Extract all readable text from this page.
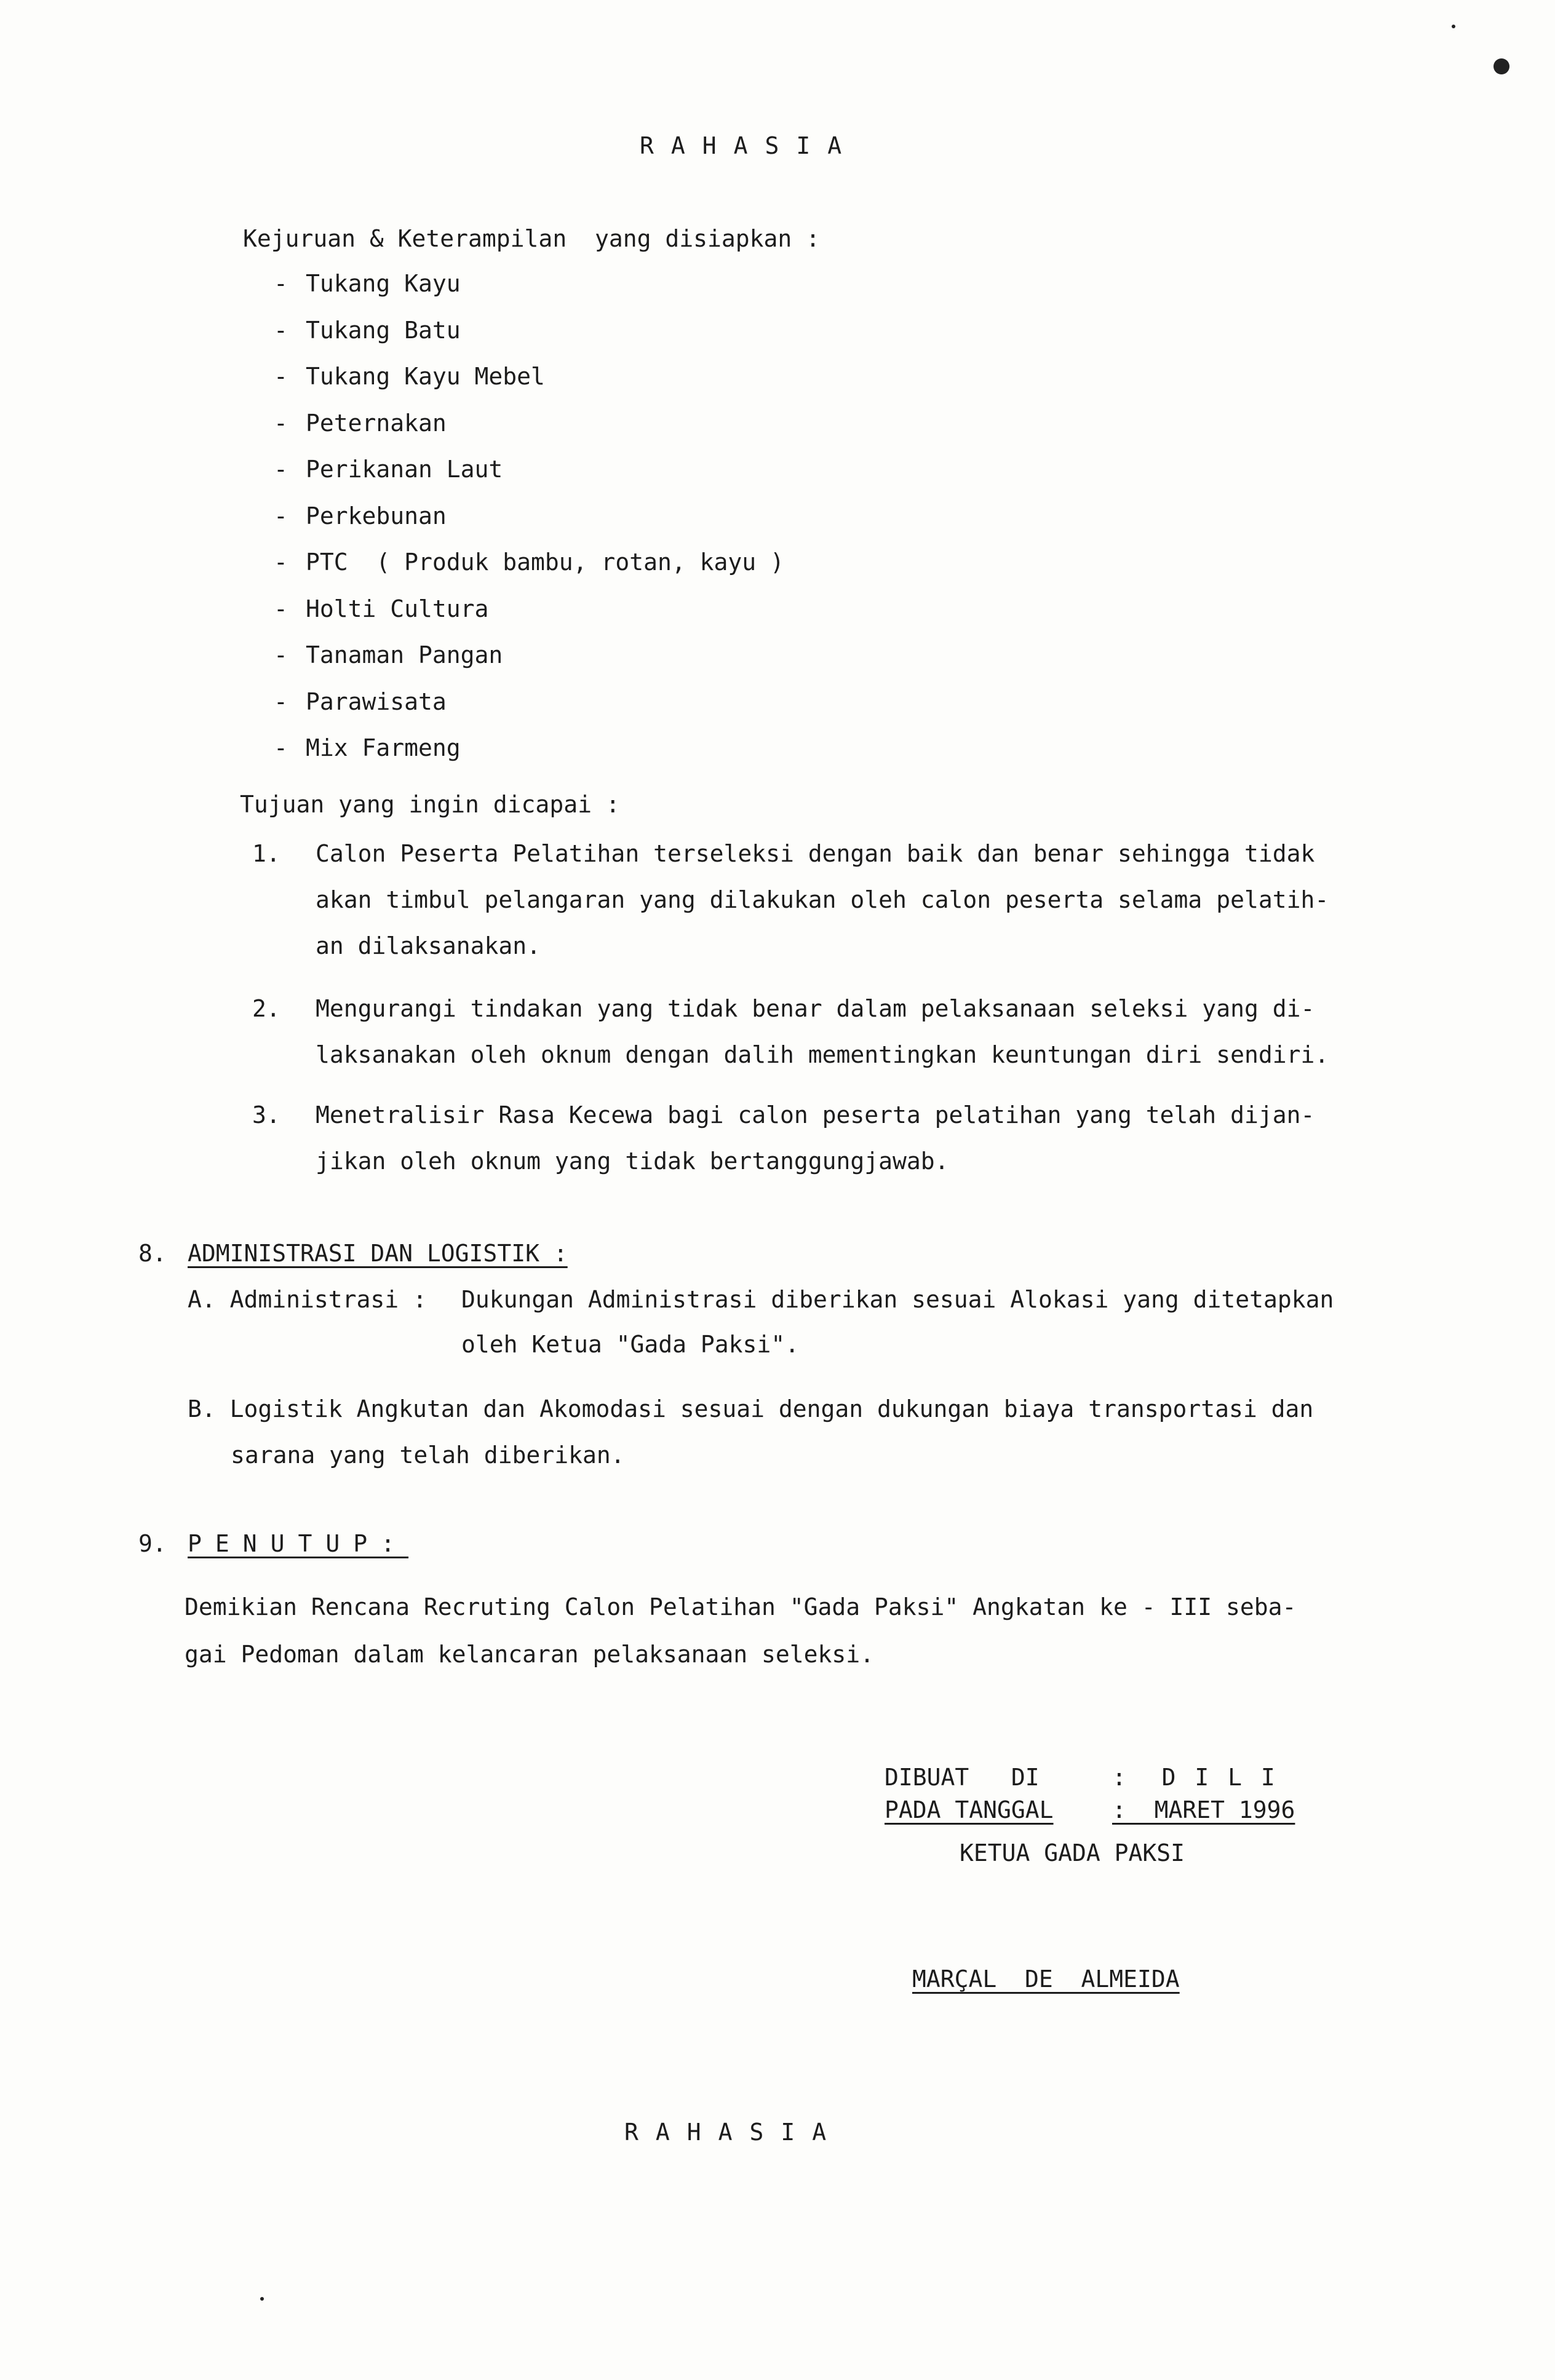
RAHASIA
Kejuruan & Keterampilan  yang disiapkan :
- Tukang Kayu
- Tukang Batu
- Tukang Kayu Mebel
- Peternakan
- Perikanan Laut
- Perkebunan
- PTC  ( Produk bambu, rotan, kayu )
- Holti Cultura
- Tanaman Pangan
- Parawisata
- Mix Farmeng
Tujuan yang ingin dicapai :
1. Calon Peserta Pelatihan terseleksi dengan baik dan benar sehingga tidak
akan timbul pelangaran yang dilakukan oleh calon peserta selama pelatih-
an dilaksanakan.
2. Mengurangi tindakan yang tidak benar dalam pelaksanaan seleksi yang di-
laksanakan oleh oknum dengan dalih mementingkan keuntungan diri sendiri.
3. Menetralisir Rasa Kecewa bagi calon peserta pelatihan yang telah dijan-
jikan oleh oknum yang tidak bertanggungjawab.
8. ADMINISTRASI DAN LOGISTIK :
A. Administrasi : Dukungan Administrasi diberikan sesuai Alokasi yang ditetapkan
oleh Ketua "Gada Paksi".
B. Logistik Angkutan dan Akomodasi sesuai dengan dukungan biaya transportasi dan
sarana yang telah diberikan.
9. PENUTUP:
Demikian Rencana Recruting Calon Pelatihan "Gada Paksi" Angkatan ke - III seba-
gai Pedoman dalam kelancaran pelaksanaan seleksi.
DIBUAT   DI	:  D I L I
PADA TANGGAL	:  MARET 1996
KETUA GADA PAKSI
MARÇAL  DE  ALMEIDA
RAHASIA
